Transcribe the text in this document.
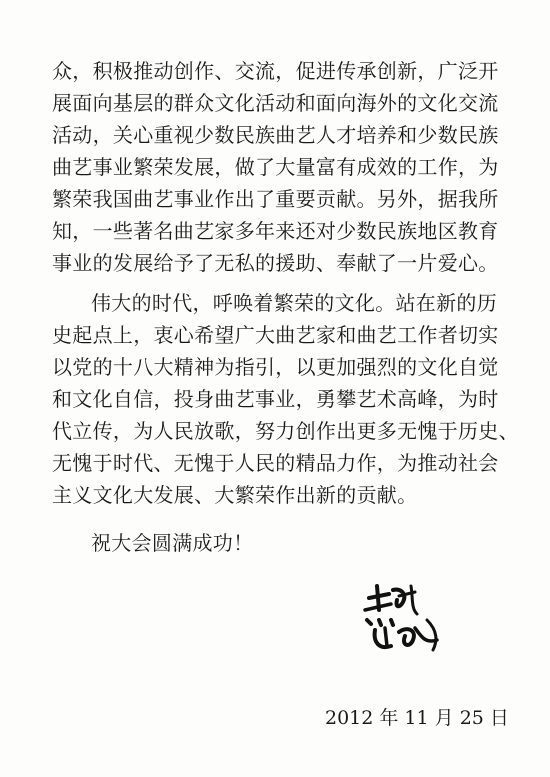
众，积极推动创作、交流，促进传承创新，广泛开
展面向基层的群众文化活动和面向海外的文化交流
活动，关心重视少数民族曲艺人才培养和少数民族
曲艺事业繁荣发展，做了大量富有成效的工作，为
繁荣我国曲艺事业作出了重要贡献。另外，据我所
知，一些著名曲艺家多年来还对少数民族地区教育
事业的发展给予了无私的援助、奉献了一片爱心。
伟大的时代，呼唤着繁荣的文化。站在新的历
史起点上，衷心希望广大曲艺家和曲艺工作者切实
以党的十八大精神为指引，以更加强烈的文化自觉
和文化自信，投身曲艺事业，勇攀艺术高峰，为时
代立传，为人民放歌，努力创作出更多无愧于历史、
无愧于时代、无愧于人民的精品力作，为推动社会
主义文化大发展、大繁荣作出新的贡献。
祝大会圆满成功！
2012 年 11 月 25 日
